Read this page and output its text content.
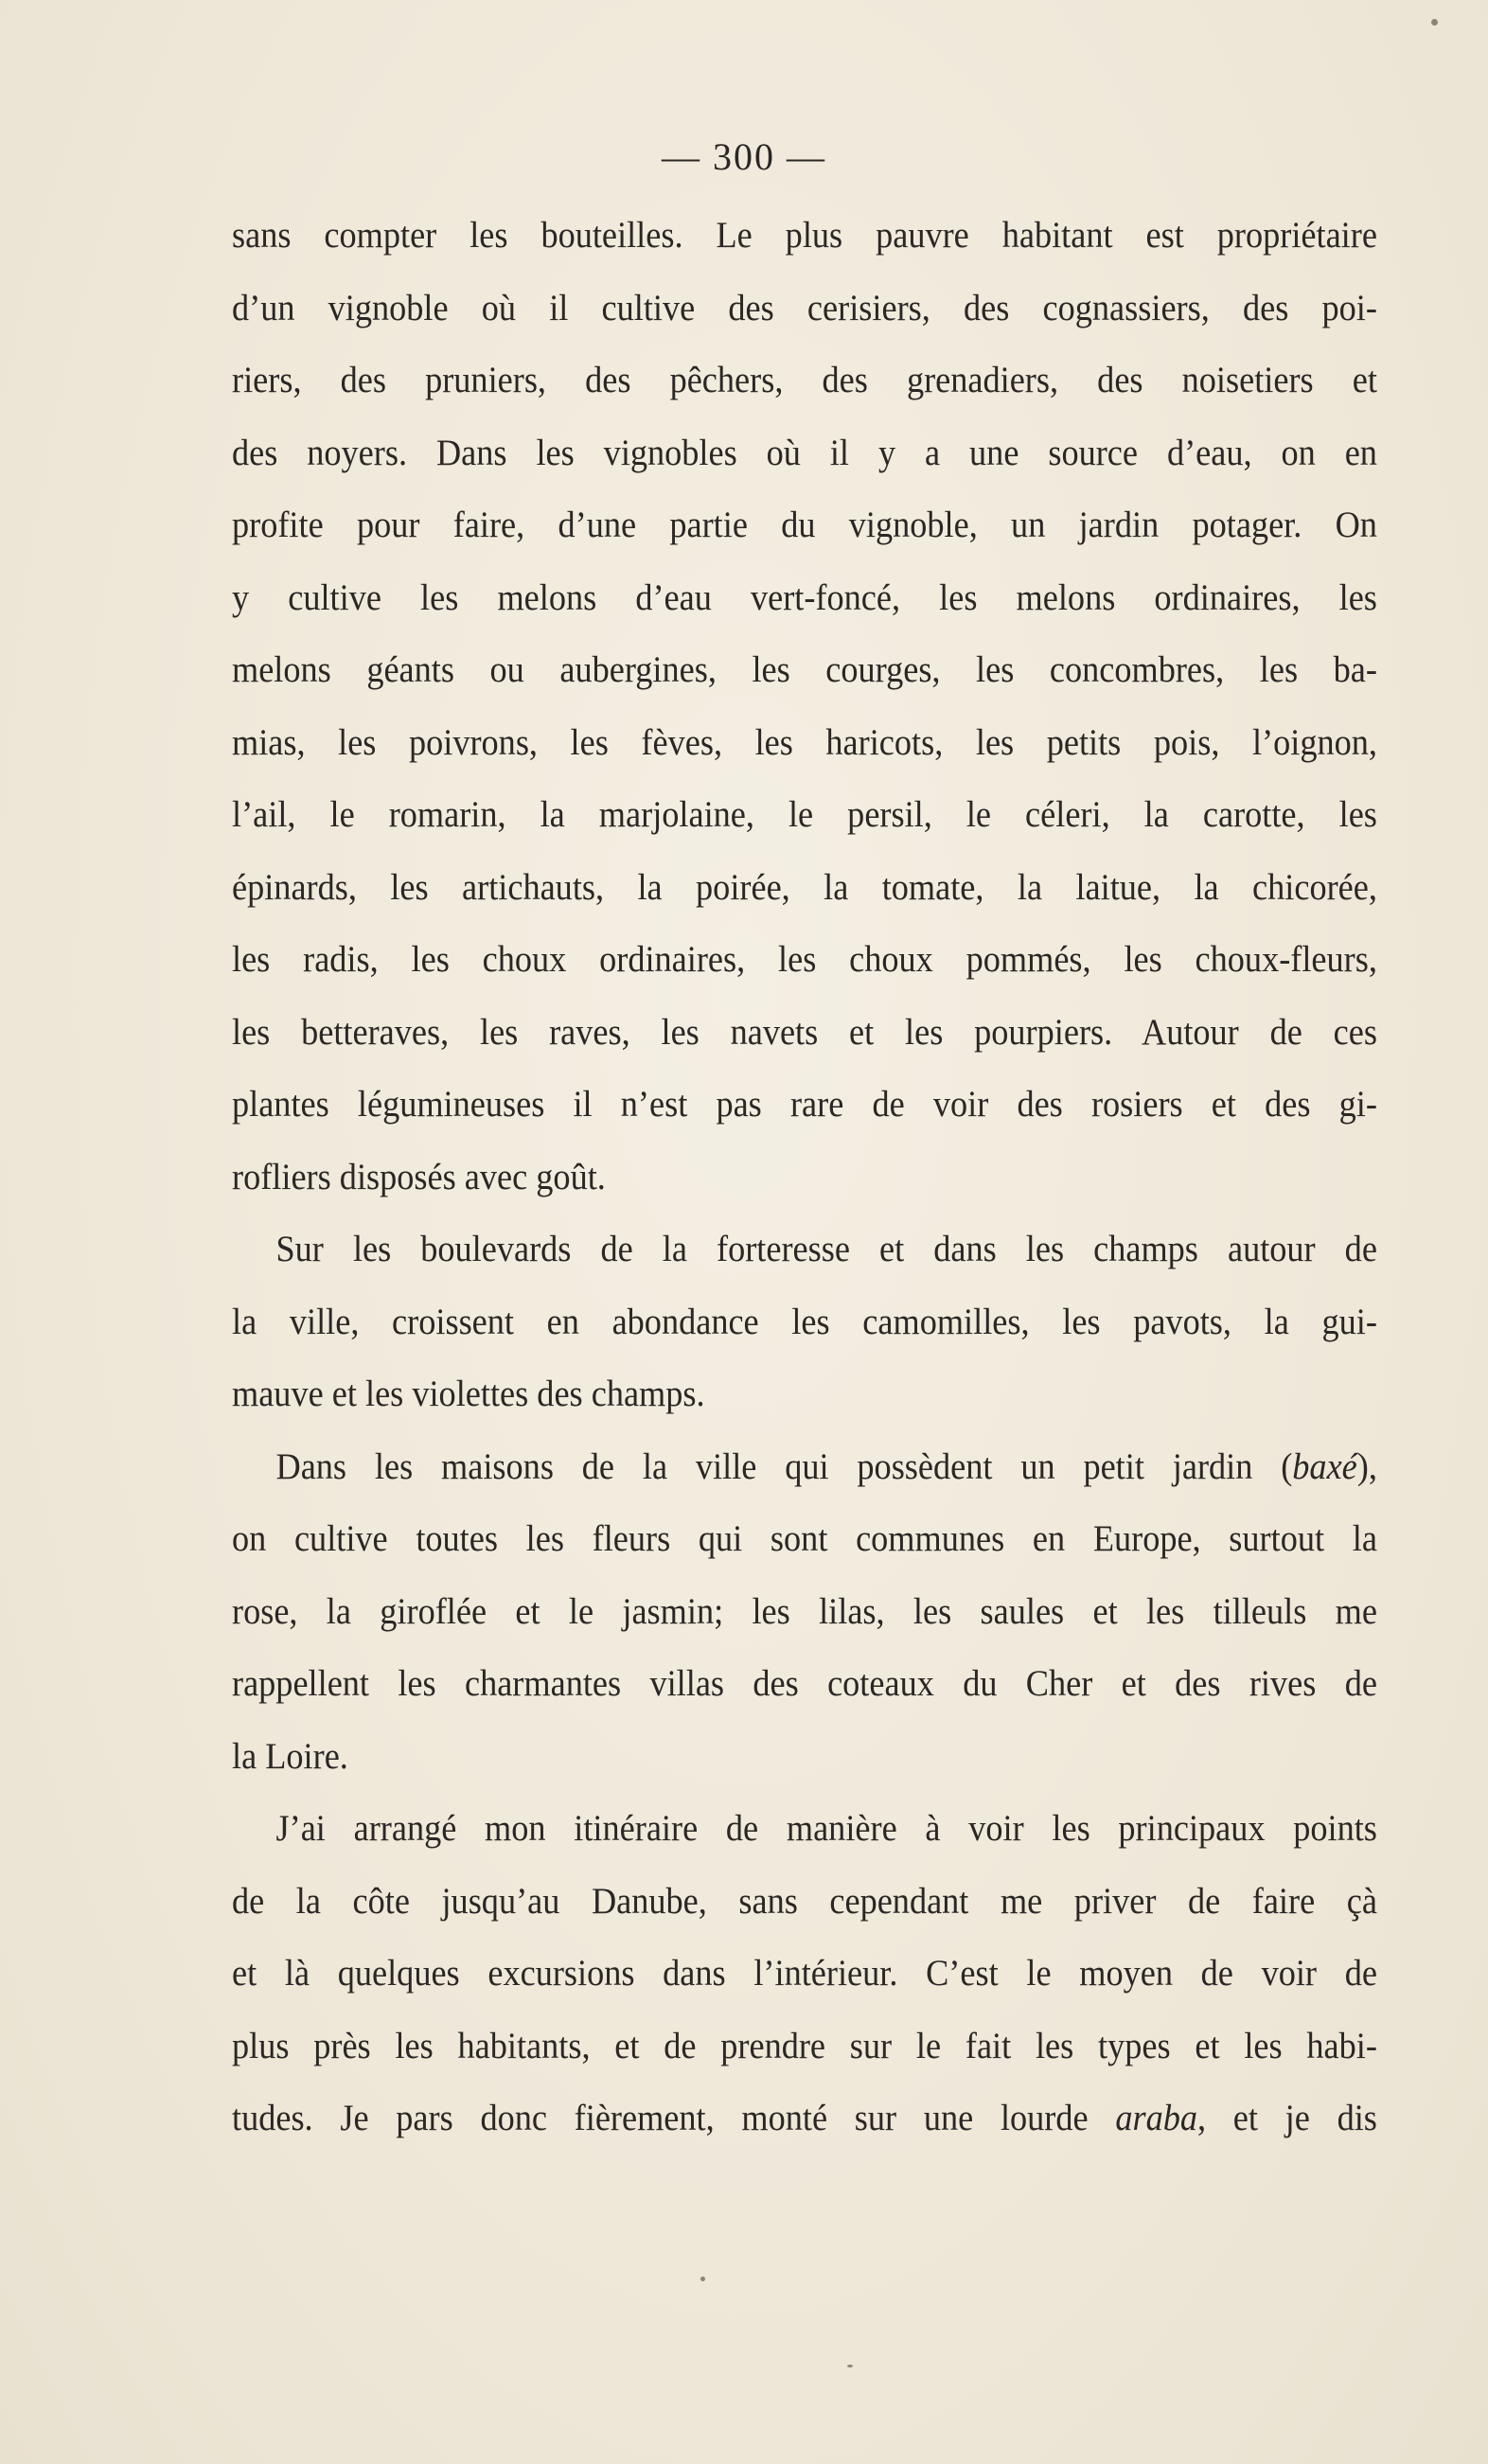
— 300 —
sans compter les bouteilles. Le plus pauvre habitant est propriétaire
d’un vignoble où il cultive des cerisiers, des cognassiers, des poi-
riers, des pruniers, des pêchers, des grenadiers, des noisetiers et
des noyers. Dans les vignobles où il y a une source d’eau, on en
profite pour faire, d’une partie du vignoble, un jardin potager. On
y cultive les melons d’eau vert-foncé, les melons ordinaires, les
melons géants ou aubergines, les courges, les concombres, les ba-
mias, les poivrons, les fèves, les haricots, les petits pois, l’oignon,
l’ail, le romarin, la marjolaine, le persil, le céleri, la carotte, les
épinards, les artichauts, la poirée, la tomate, la laitue, la chicorée,
les radis, les choux ordinaires, les choux pommés, les choux-fleurs,
les betteraves, les raves, les navets et les pourpiers. Autour de ces
plantes légumineuses il n’est pas rare de voir des rosiers et des gi-
rofliers disposés avec goût.
Sur les boulevards de la forteresse et dans les champs autour de
la ville, croissent en abondance les camomilles, les pavots, la gui-
mauve et les violettes des champs.
Dans les maisons de la ville qui possèdent un petit jardin (baxé),
on cultive toutes les fleurs qui sont communes en Europe, surtout la
rose, la giroflée et le jasmin; les lilas, les saules et les tilleuls me
rappellent les charmantes villas des coteaux du Cher et des rives de
la Loire.
J’ai arrangé mon itinéraire de manière à voir les principaux points
de la côte jusqu’au Danube, sans cependant me priver de faire çà
et là quelques excursions dans l’intérieur. C’est le moyen de voir de
plus près les habitants, et de prendre sur le fait les types et les habi-
tudes. Je pars donc fièrement, monté sur une lourde araba, et je dis
